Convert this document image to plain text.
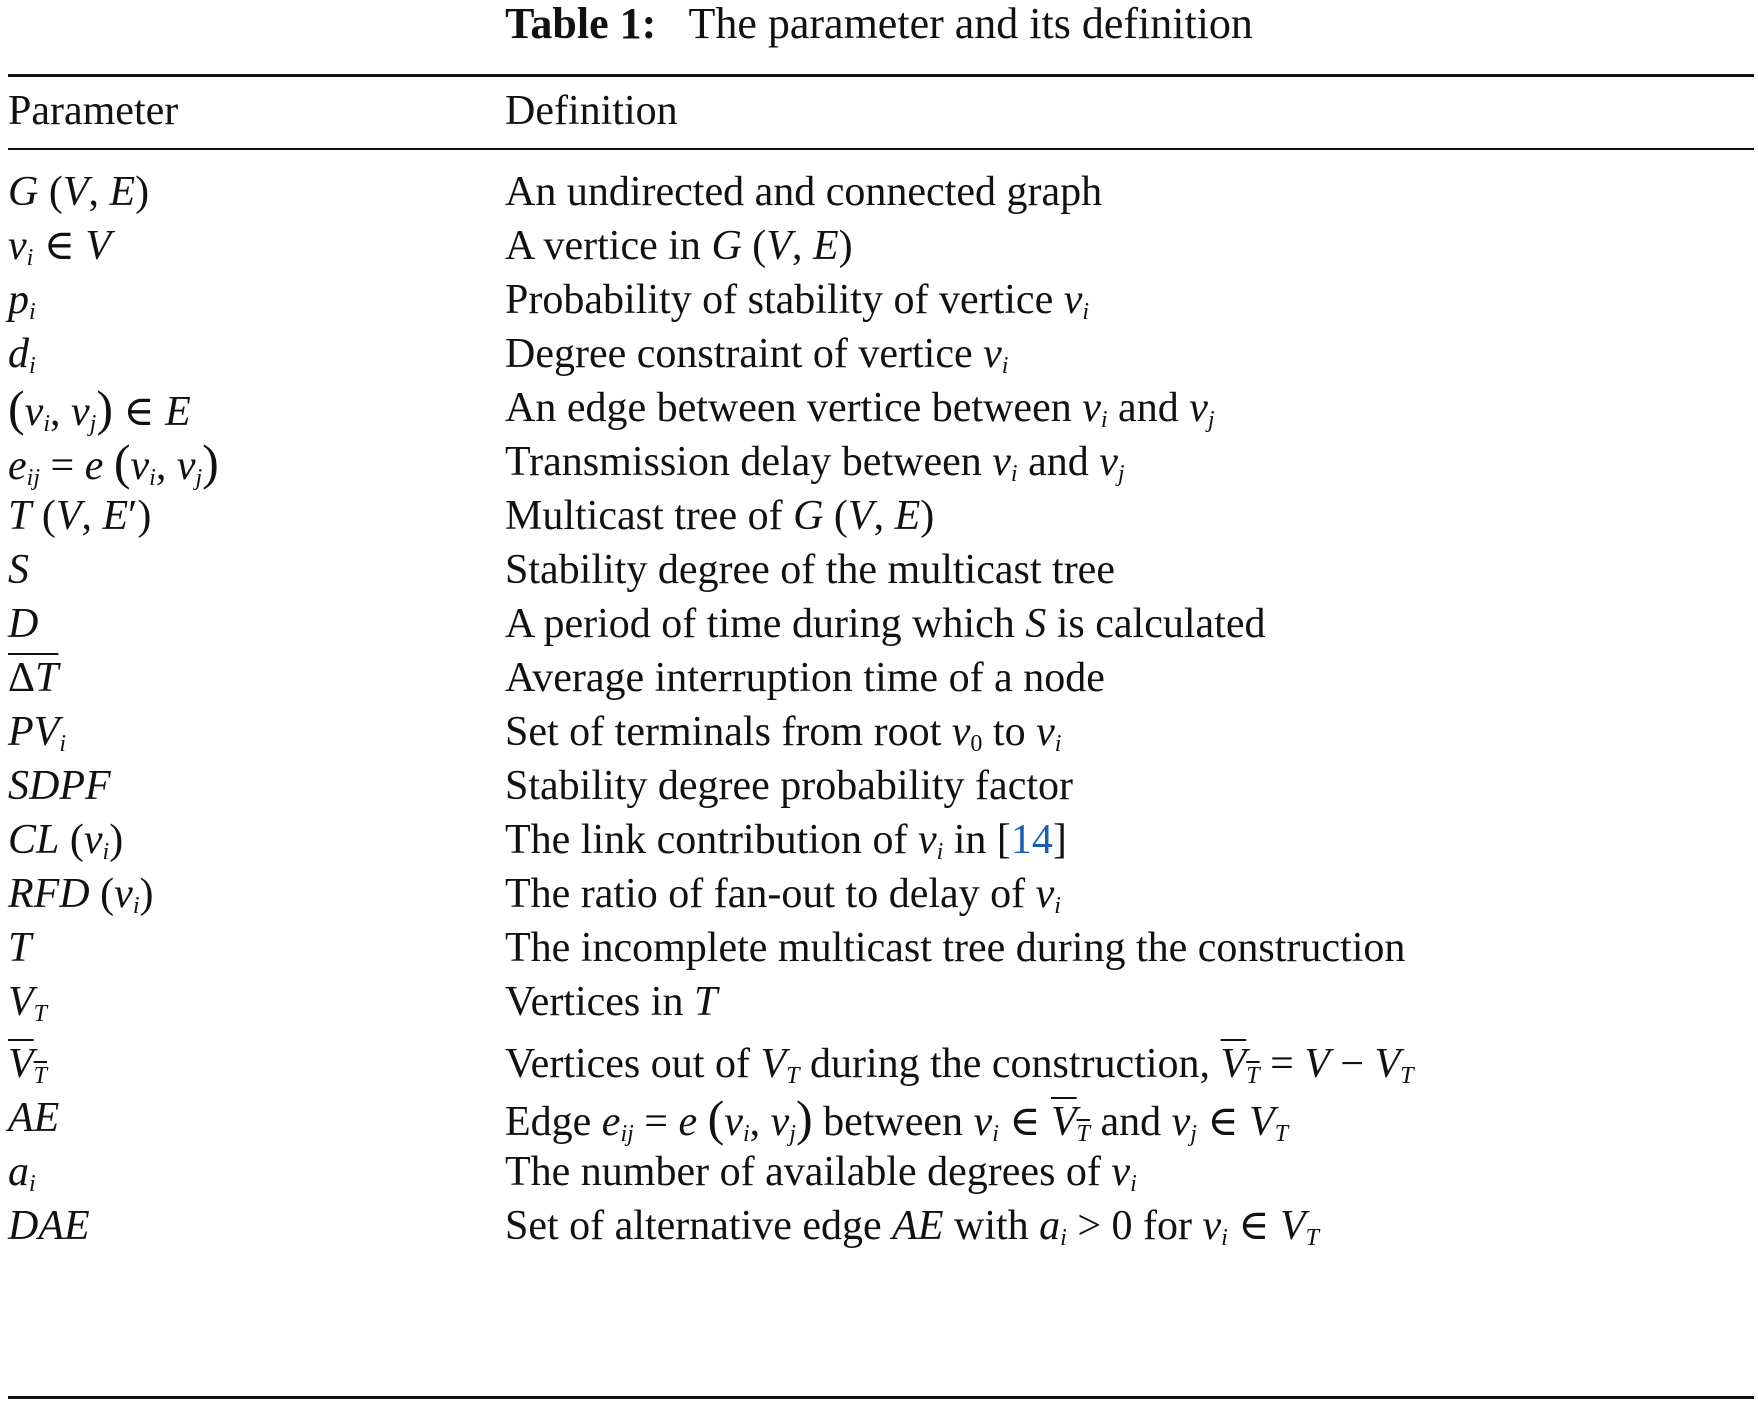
Table 1: The parameter and its definition
Parameter	Definition
G (V, E)	An undirected and connected graph
$v_i$ ∈ V	A vertice in G (V, E)
$p_i$	Probability of stability of vertice $v_i$
$d_i$	Degree constraint of vertice $v_i$
($v_i$, $v_j$) ∈ E	An edge between vertice between $v_i$ and $v_j$
$e_{ij} = e$ ($v_i$, $v_j$)	Transmission delay between $v_i$ and $v_j$
T (V, E′)	Multicast tree of G (V, E)
S	Stability degree of the multicast tree
D	A period of time during which S is calculated
ΔT	Average interruption time of a node
$PV_i$	Set of terminals from root $v_0$ to $v_i$
SDPF	Stability degree probability factor
CL $(v_i)$	The link contribution of $v_i$ in [14]
RFD $(v_i)$	The ratio of fan-out to delay of $v_i$
T	The incomplete multicast tree during the construction
$V_T$	Vertices in T
$V_T$	Vertices out of $V_T$ during the construction, $V_T = V - V_T$
AE	Edge $e_{ij} = e$ ($v_i$, $v_j$) between $v_i$ ∈ $V_T$ and $v_j$ ∈ $V_T$
$a_i$	The number of available degrees of $v_i$
DAE	Set of alternative edge AE with $a_i > 0$ for $v_i$ ∈ $V_T$
